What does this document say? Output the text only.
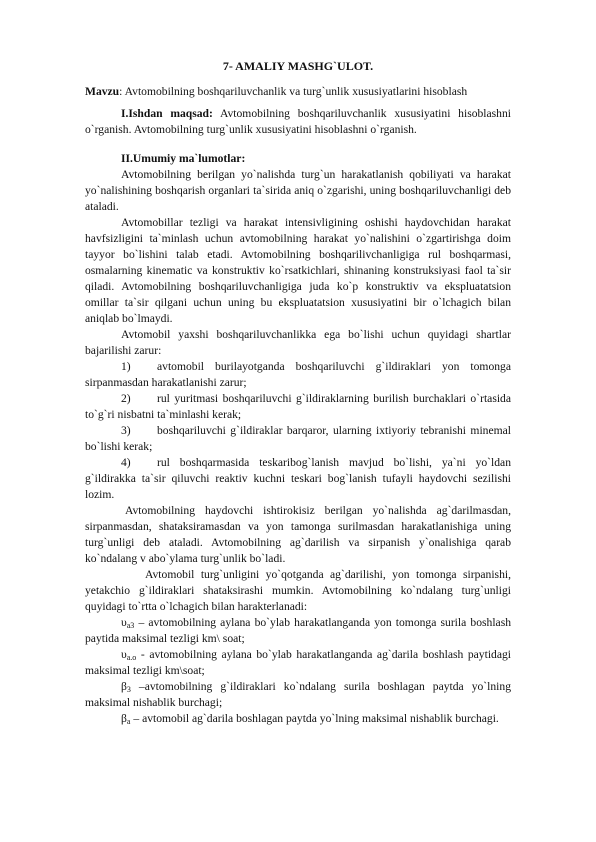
7- AMALIY MASHG`ULOT.

Mavzu: Avtomobilning boshqariluvchanlik va turg`unlik xususiyatlarini hisoblash

I.Ishdan maqsad: Avtomobilning boshqariluvchanlik xususiyatini hisoblashni o`rganish. Avtomobilning turg`unlik xususiyatini hisoblashni o`rganish.

II.Umumiy ma`lumotlar:

Avtomobilning berilgan yo`nalishda turg`un harakatlanish qobiliyati va harakat yo`nalishining boshqarish organlari ta`sirida aniq o`zgarishi, uning boshqariluvchanligi deb ataladi.

Avtomobillar tezligi va harakat intensivligining oshishi haydovchidan harakat havfsizligini ta`minlash uchun avtomobilning harakat yo`nalishini o`zgartirishga doim tayyor bo`lishini talab etadi. Avtomobilning boshqarilivchanligiga rul boshqarmasi, osmalarning kinematic va konstruktiv ko`rsatkichlari, shinaning konstruksiyasi faol ta`sir qiladi. Avtomobilning boshqariluvchanligiga juda ko`p konstruktiv va ekspluatatsion omillar ta`sir qilgani uchun uning bu ekspluatatsion xususiyatini bir o`lchagich bilan aniqlab bo`lmaydi.

Avtomobil yaxshi boshqariluvchanlikka ega bo`lishi uchun quyidagi shartlar bajarilishi zarur:

1) avtomobil burilayotganda boshqariluvchi g`ildiraklari yon tomonga sirpanmasdan harakatlanishi zarur;

2) rul yuritmasi boshqariluvchi g`ildiraklarning burilish burchaklari o`rtasida to`g`ri nisbatni ta`minlashi kerak;

3) boshqariluvchi g`ildiraklar barqaror, ularning ixtiyoriy tebranishi minemal bo`lishi kerak;

4) rul boshqarmasida teskaribog`lanish mavjud bo`lishi, ya`ni yo`ldan g`ildirakka ta`sir qiluvchi reaktiv kuchni teskari bog`lanish tufayli haydovchi sezilishi lozim.

Avtomobilning haydovchi ishtirokisiz berilgan yo`nalishda ag`darilmasdan, sirpanmasdan, shataksiramasdan va yon tamonga surilmasdan harakatlanishiga uning turg`unligi deb ataladi. Avtomobilning ag`darilish va sirpanish y`onalishiga qarab ko`ndalang v abo`ylama turg`unlik bo`ladi.

Avtomobil turg`unligini yo`qotganda ag`darilishi, yon tomonga sirpanishi, yetakchio g`ildiraklari shataksirashi mumkin. Avtomobilning ko`ndalang turg`unligi quyidagi to`rtta o`lchagich bilan harakterlanadi:

$\upsilon_{a3}$ – avtomobilning aylana bo`ylab harakatlanganda yon tomonga surila boshlash paytida maksimal tezligi km\ soat;

$\upsilon_{a.o}$ - avtomobilning aylana bo`ylab harakatlanganda ag`darila boshlash paytidagi maksimal tezligi km\soat;

$\beta_3$ –avtomobilning g`ildiraklari ko`ndalang surila boshlagan paytda yo`lning maksimal nishablik burchagi;

$\beta_a$ – avtomobil ag`darila boshlagan paytda yo`lning maksimal nishablik burchagi.
